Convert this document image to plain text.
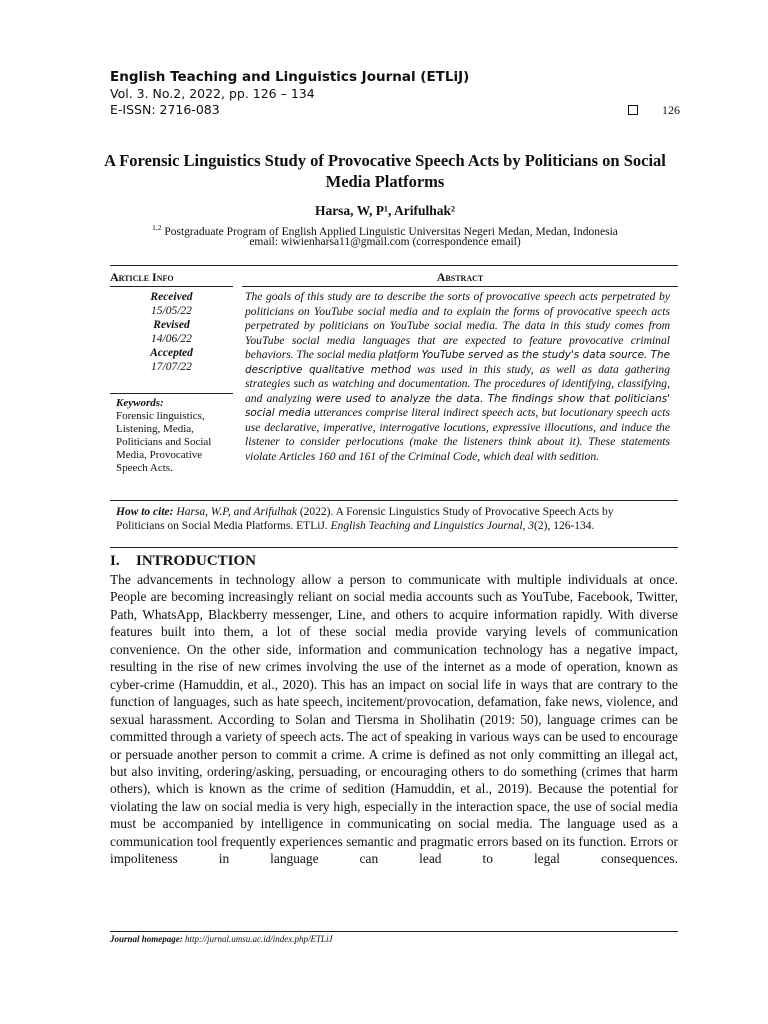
English Teaching and Linguistics Journal (ETLiJ)
Vol. 3. No.2, 2022, pp. 126 – 134
E-ISSN: 2716-083	126
A Forensic Linguistics Study of Provocative Speech Acts by Politicians on Social Media Platforms
Harsa, W, P¹, Arifulhak²
$^{1,2}$ Postgraduate Program of English Applied Linguistic Universitas Negeri Medan, Medan, Indonesia
email: wiwienharsa11@gmail.com (correspondence email)
Article Info	Abstract
Received
15/05/22
Revised
14/06/22
Accepted
17/07/22
Keywords:
Forensic linguistics, Listening, Media, Politicians and Social Media, Provocative Speech Acts.
The goals of this study are to describe the sorts of provocative speech acts perpetrated by politicians on YouTube social media and to explain the forms of provocative speech acts perpetrated by politicians on YouTube social media. The data in this study comes from YouTube social media languages that are expected to feature provocative criminal behaviors. The social media platform YouTube served as the study's data source. The descriptive qualitative method was used in this study, as well as data gathering strategies such as watching and documentation. The procedures of identifying, classifying, and analyzing were used to analyze the data. The findings show that politicians' social media utterances comprise literal indirect speech acts, but locutionary speech acts use declarative, imperative, interrogative locutions, expressive illocutions, and induce the listener to consider perlocutions (make the listeners think about it). These statements violate Articles 160 and 161 of the Criminal Code, which deal with sedition.
How to cite: Harsa, W.P, and Arifulhak (2022). A Forensic Linguistics Study of Provocative Speech Acts by Politicians on Social Media Platforms. ETLiJ. English Teaching and Linguistics Journal, 3(2), 126-134.
I. INTRODUCTION
The advancements in technology allow a person to communicate with multiple individuals at once. People are becoming increasingly reliant on social media accounts such as YouTube, Facebook, Twitter, Path, WhatsApp, Blackberry messenger, Line, and others to acquire information rapidly. With diverse features built into them, a lot of these social media provide varying levels of communication convenience. On the other side, information and communication technology has a negative impact, resulting in the rise of new crimes involving the use of the internet as a mode of operation, known as cyber-crime (Hamuddin, et al., 2020). This has an impact on social life in ways that are contrary to the function of languages, such as hate speech, incitement/provocation, defamation, fake news, violence, and sexual harassment. According to Solan and Tiersma in Sholihatin (2019: 50), language crimes can be committed through a variety of speech acts. The act of speaking in various ways can be used to encourage or persuade another person to commit a crime. A crime is defined as not only committing an illegal act, but also inviting, ordering/asking, persuading, or encouraging others to do something (crimes that harm others), which is known as the crime of sedition (Hamuddin, et al., 2019). Because the potential for violating the law on social media is very high, especially in the interaction space, the use of social media must be accompanied by intelligence in communicating on social media. The language used as a communication tool frequently experiences semantic and pragmatic errors based on its function. Errors or impoliteness in language can lead to legal consequences.
Journal homepage: http://jurnal.umsu.ac.id/index.php/ETLiJ
